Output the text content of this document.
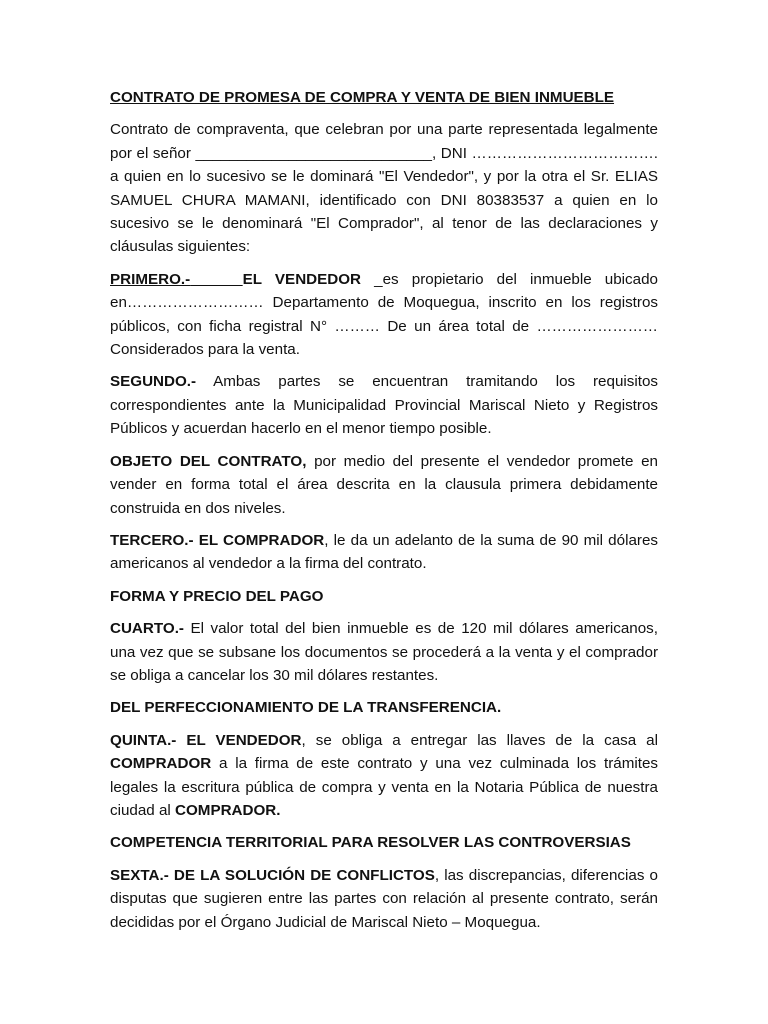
CONTRATO DE PROMESA DE COMPRA Y VENTA DE BIEN INMUEBLE

Contrato de compraventa, que celebran por una parte representada legalmente por el señor ____________________________, DNI ………………………………. a quien en lo sucesivo se le dominará "El Vendedor", y por la otra el Sr. ELIAS SAMUEL CHURA MAMANI, identificado con DNI 80383537 a quien en lo sucesivo se le denominará "El Comprador", al tenor de las declaraciones y cláusulas siguientes:

PRIMERO.-	EL VENDEDOR _es propietario del inmueble ubicado en……………………… Departamento de Moquegua, inscrito en los registros públicos, con ficha registral N° ……… De un área total de …………………… Considerados para la venta.

SEGUNDO.- Ambas partes se encuentran tramitando los requisitos correspondientes ante la Municipalidad Provincial Mariscal Nieto y Registros Públicos y acuerdan hacerlo en el menor tiempo posible.

OBJETO DEL CONTRATO, por medio del presente el vendedor promete en vender en forma total el área descrita en la clausula primera debidamente construida en dos niveles.

TERCERO.- EL COMPRADOR, le da un adelanto de la suma de 90 mil dólares americanos al vendedor a la firma del contrato.

FORMA Y PRECIO DEL PAGO

CUARTO.- El valor total del bien inmueble es de 120 mil dólares americanos, una vez que se subsane los documentos se procederá a la venta y el comprador se obliga a cancelar los 30 mil dólares restantes.

DEL PERFECCIONAMIENTO DE LA TRANSFERENCIA.

QUINTA.- EL VENDEDOR, se obliga a entregar las llaves de la casa al COMPRADOR a la firma de este contrato y una vez culminada los trámites legales la escritura pública de compra y venta en la Notaria Pública de nuestra ciudad al COMPRADOR.

COMPETENCIA TERRITORIAL PARA RESOLVER LAS CONTROVERSIAS

SEXTA.- DE LA SOLUCIÓN DE CONFLICTOS, las discrepancias, diferencias o disputas que sugieren entre las partes con relación al presente contrato, serán decididas por el Órgano Judicial de Mariscal Nieto – Moquegua.
